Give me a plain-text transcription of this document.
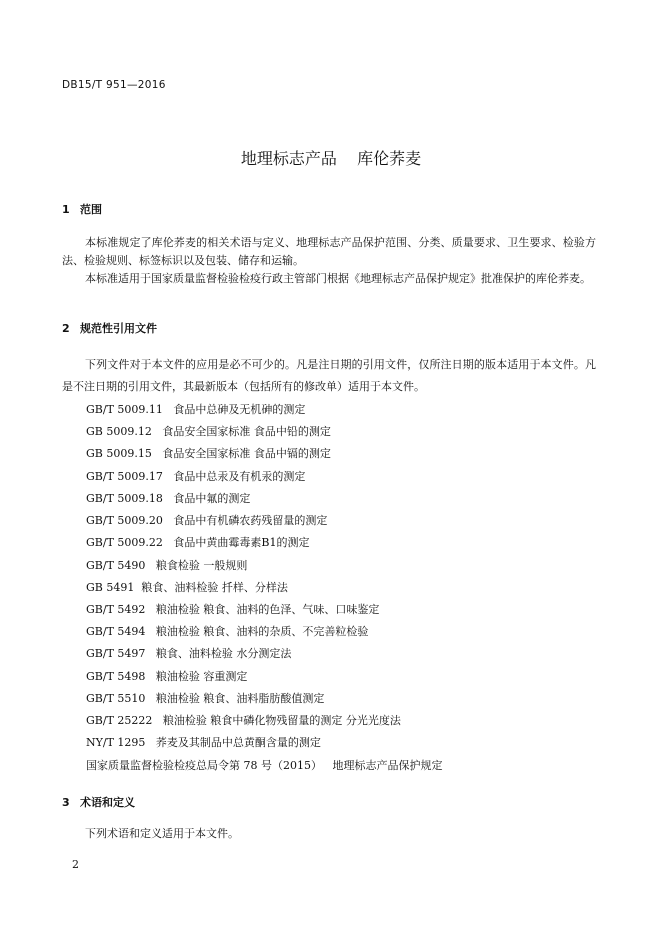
DB15/T 951—2016
地理标志产品    库伦荞麦
1 范围
本标准规定了库伦荞麦的相关术语与定义、地理标志产品保护范围、分类、质量要求、卫生要求、检验方法、检验规则、标签标识以及包装、储存和运输。
本标准适用于国家质量监督检验检疫行政主管部门根据《地理标志产品保护规定》批准保护的库伦荞麦。
2 规范性引用文件
下列文件对于本文件的应用是必不可少的。凡是注日期的引用文件，仅所注日期的版本适用于本文件。凡是不注日期的引用文件，其最新版本（包括所有的修改单）适用于本文件。
GB/T 5009.11   食品中总砷及无机砷的测定
GB 5009.12   食品安全国家标准 食品中铅的测定
GB 5009.15   食品安全国家标准 食品中镉的测定
GB/T 5009.17   食品中总汞及有机汞的测定
GB/T 5009.18   食品中氟的测定
GB/T 5009.20   食品中有机磷农药残留量的测定
GB/T 5009.22   食品中黄曲霉毒素B1的测定
GB/T 5490   粮食检验 一般规则
GB 5491  粮食、油料检验 扦样、分样法
GB/T 5492   粮油检验 粮食、油料的色泽、气味、口味鉴定
GB/T 5494   粮油检验 粮食、油料的杂质、不完善粒检验
GB/T 5497   粮食、油料检验 水分测定法
GB/T 5498   粮油检验 容重测定
GB/T 5510   粮油检验 粮食、油料脂肪酸值测定
GB/T 25222   粮油检验 粮食中磷化物残留量的测定 分光光度法
NY/T 1295   荞麦及其制品中总黄酮含量的测定
国家质量监督检验检疫总局令第 78 号（2015）   地理标志产品保护规定
3 术语和定义
下列术语和定义适用于本文件。
2
